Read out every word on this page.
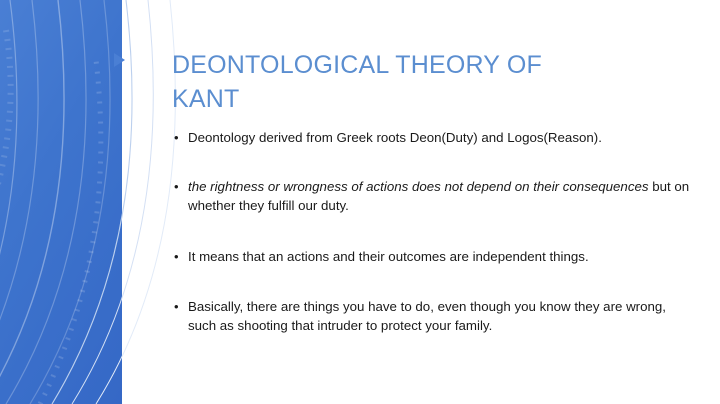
DEONTOLOGICAL THEORY OF
KANT
• Deontology derived from Greek roots Deon(Duty) and Logos(Reason).
• the rightness or wrongness of actions does not depend on their consequences but on whether they fulfill our duty.
• It means that an actions and their outcomes are independent things.
• Basically, there are things you have to do, even though you know they are wrong, such as shooting that intruder to protect your family.
